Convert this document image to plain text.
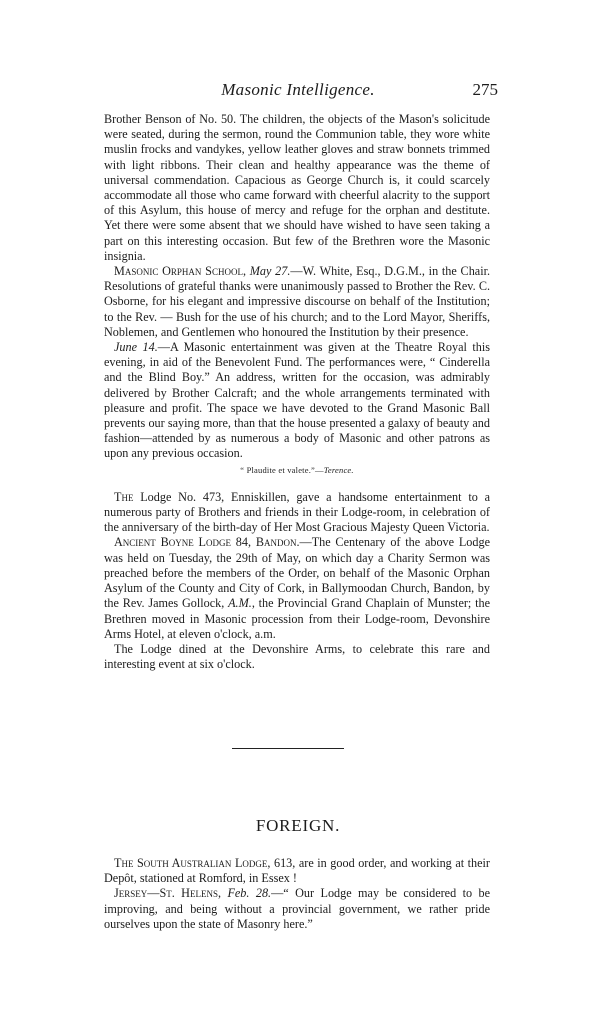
Masonic Intelligence.	275

Brother Benson of No. 50. The children, the objects of the Mason's solicitude were seated, during the sermon, round the Communion table, they wore white muslin frocks and vandykes, yellow leather gloves and straw bonnets trimmed with light ribbons. Their clean and healthy appearance was the theme of universal commendation. Capacious as George Church is, it could scarcely accommodate all those who came forward with cheerful alacrity to the support of this Asylum, this house of mercy and refuge for the orphan and destitute. Yet there were some absent that we should have wished to have seen taking a part on this interesting occasion. But few of the Brethren wore the Masonic insignia.

Masonic Orphan School, May 27.—W. White, Esq., D.G.M., in the Chair. Resolutions of grateful thanks were unanimously passed to Brother the Rev. C. Osborne, for his elegant and impressive discourse on behalf of the Institution; to the Rev. — Bush for the use of his church; and to the Lord Mayor, Sheriffs, Noblemen, and Gentlemen who honoured the Institution by their presence.

June 14.—A Masonic entertainment was given at the Theatre Royal this evening, in aid of the Benevolent Fund. The performances were, “ Cinderella and the Blind Boy.” An address, written for the occasion, was admirably delivered by Brother Calcraft; and the whole arrangements terminated with pleasure and profit. The space we have devoted to the Grand Masonic Ball prevents our saying more, than that the house presented a galaxy of beauty and fashion—attended by as numerous a body of Masonic and other patrons as upon any previous occasion.

“ Plaudite et valete.”—Terence.

The Lodge No. 473, Enniskillen, gave a handsome entertainment to a numerous party of Brothers and friends in their Lodge-room, in celebration of the anniversary of the birth-day of Her Most Gracious Majesty Queen Victoria.

Ancient Boyne Lodge 84, Bandon.—The Centenary of the above Lodge was held on Tuesday, the 29th of May, on which day a Charity Sermon was preached before the members of the Order, on behalf of the Masonic Orphan Asylum of the County and City of Cork, in Ballymoodan Church, Bandon, by the Rev. James Gollock, A.M., the Provincial Grand Chaplain of Munster; the Brethren moved in Masonic procession from their Lodge-room, Devonshire Arms Hotel, at eleven o'clock, a.m.

The Lodge dined at the Devonshire Arms, to celebrate this rare and interesting event at six o'clock.

FOREIGN.

The South Australian Lodge, 613, are in good order, and working at their Depôt, stationed at Romford, in Essex !

Jersey—St. Helens, Feb. 28.—“ Our Lodge may be considered to be improving, and being without a provincial government, we rather pride ourselves upon the state of Masonry here.”
